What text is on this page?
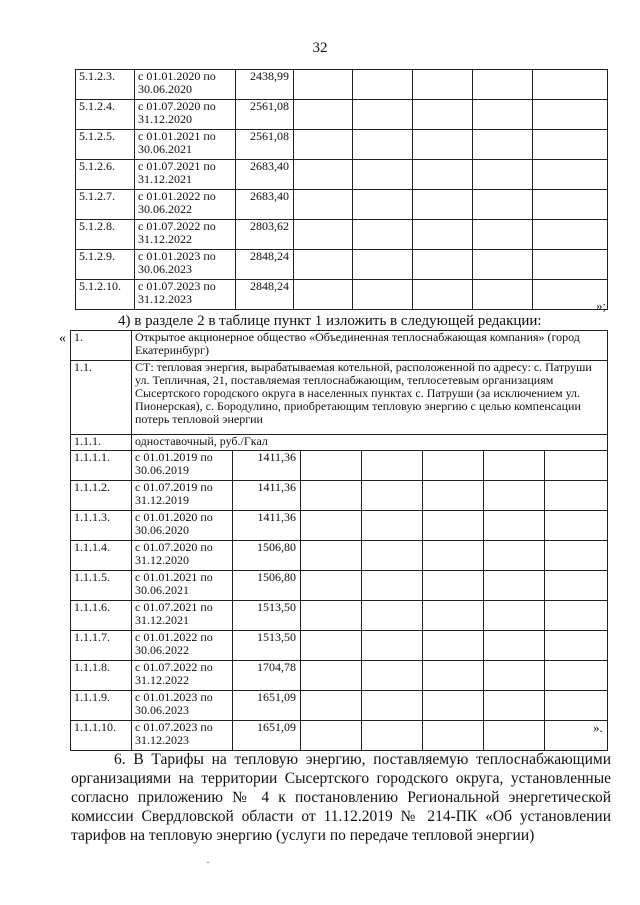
32
5.1.2.3.	с 01.01.2020 по 30.06.2020	2438,99					
5.1.2.4.	с 01.07.2020 по 31.12.2020	2561,08					
5.1.2.5.	с 01.01.2021 по 30.06.2021	2561,08					
5.1.2.6.	с 01.07.2021 по 31.12.2021	2683,40					
5.1.2.7.	с 01.01.2022 по 30.06.2022	2683,40					
5.1.2.8.	с 01.07.2022 по 31.12.2022	2803,62					
5.1.2.9.	с 01.01.2023 по 30.06.2023	2848,24					
5.1.2.10.	с 01.07.2023 по 31.12.2023	2848,24					
»;
4) в разделе 2 в таблице пункт 1 изложить в следующей редакции:
« 1.	Открытое акционерное общество «Объединенная теплоснабжающая компания» (город Екатеринбург)						
1.1.	СТ: тепловая энергия, вырабатываемая котельной, расположенной по адресу: с. Патруши ул. Тепличная, 21, поставляемая теплоснабжающим, теплосетевым организациям Сысертского городского округа в населенных пунктах с. Патруши (за исключением ул. Пионерская), с. Бородулино, приобретающим тепловую энергию с целью компенсации потерь тепловой энергии						
1.1.1.	одноставочный, руб./Гкал						
1.1.1.1.	с 01.01.2019 по 30.06.2019	1411,36					
1.1.1.2.	с 01.07.2019 по 31.12.2019	1411,36					
1.1.1.3.	с 01.01.2020 по 30.06.2020	1411,36					
1.1.1.4.	с 01.07.2020 по 31.12.2020	1506,80					
1.1.1.5.	с 01.01.2021 по 30.06.2021	1506,80					
1.1.1.6.	с 01.07.2021 по 31.12.2021	1513,50					
1.1.1.7.	с 01.01.2022 по 30.06.2022	1513,50					
1.1.1.8.	с 01.07.2022 по 31.12.2022	1704,78					
1.1.1.9.	с 01.01.2023 по 30.06.2023	1651,09					
1.1.1.10.	с 01.07.2023 по 31.12.2023	1651,09						».
6. В Тарифы на тепловую энергию, поставляемую теплоснабжающими организациями на территории Сысертского городского округа, установленные согласно приложению № 4 к постановлению Региональной энергетической комиссии Свердловской области от 11.12.2019 № 214-ПК «Об установлении тарифов на тепловую энергию (услуги по передаче тепловой энергии)
